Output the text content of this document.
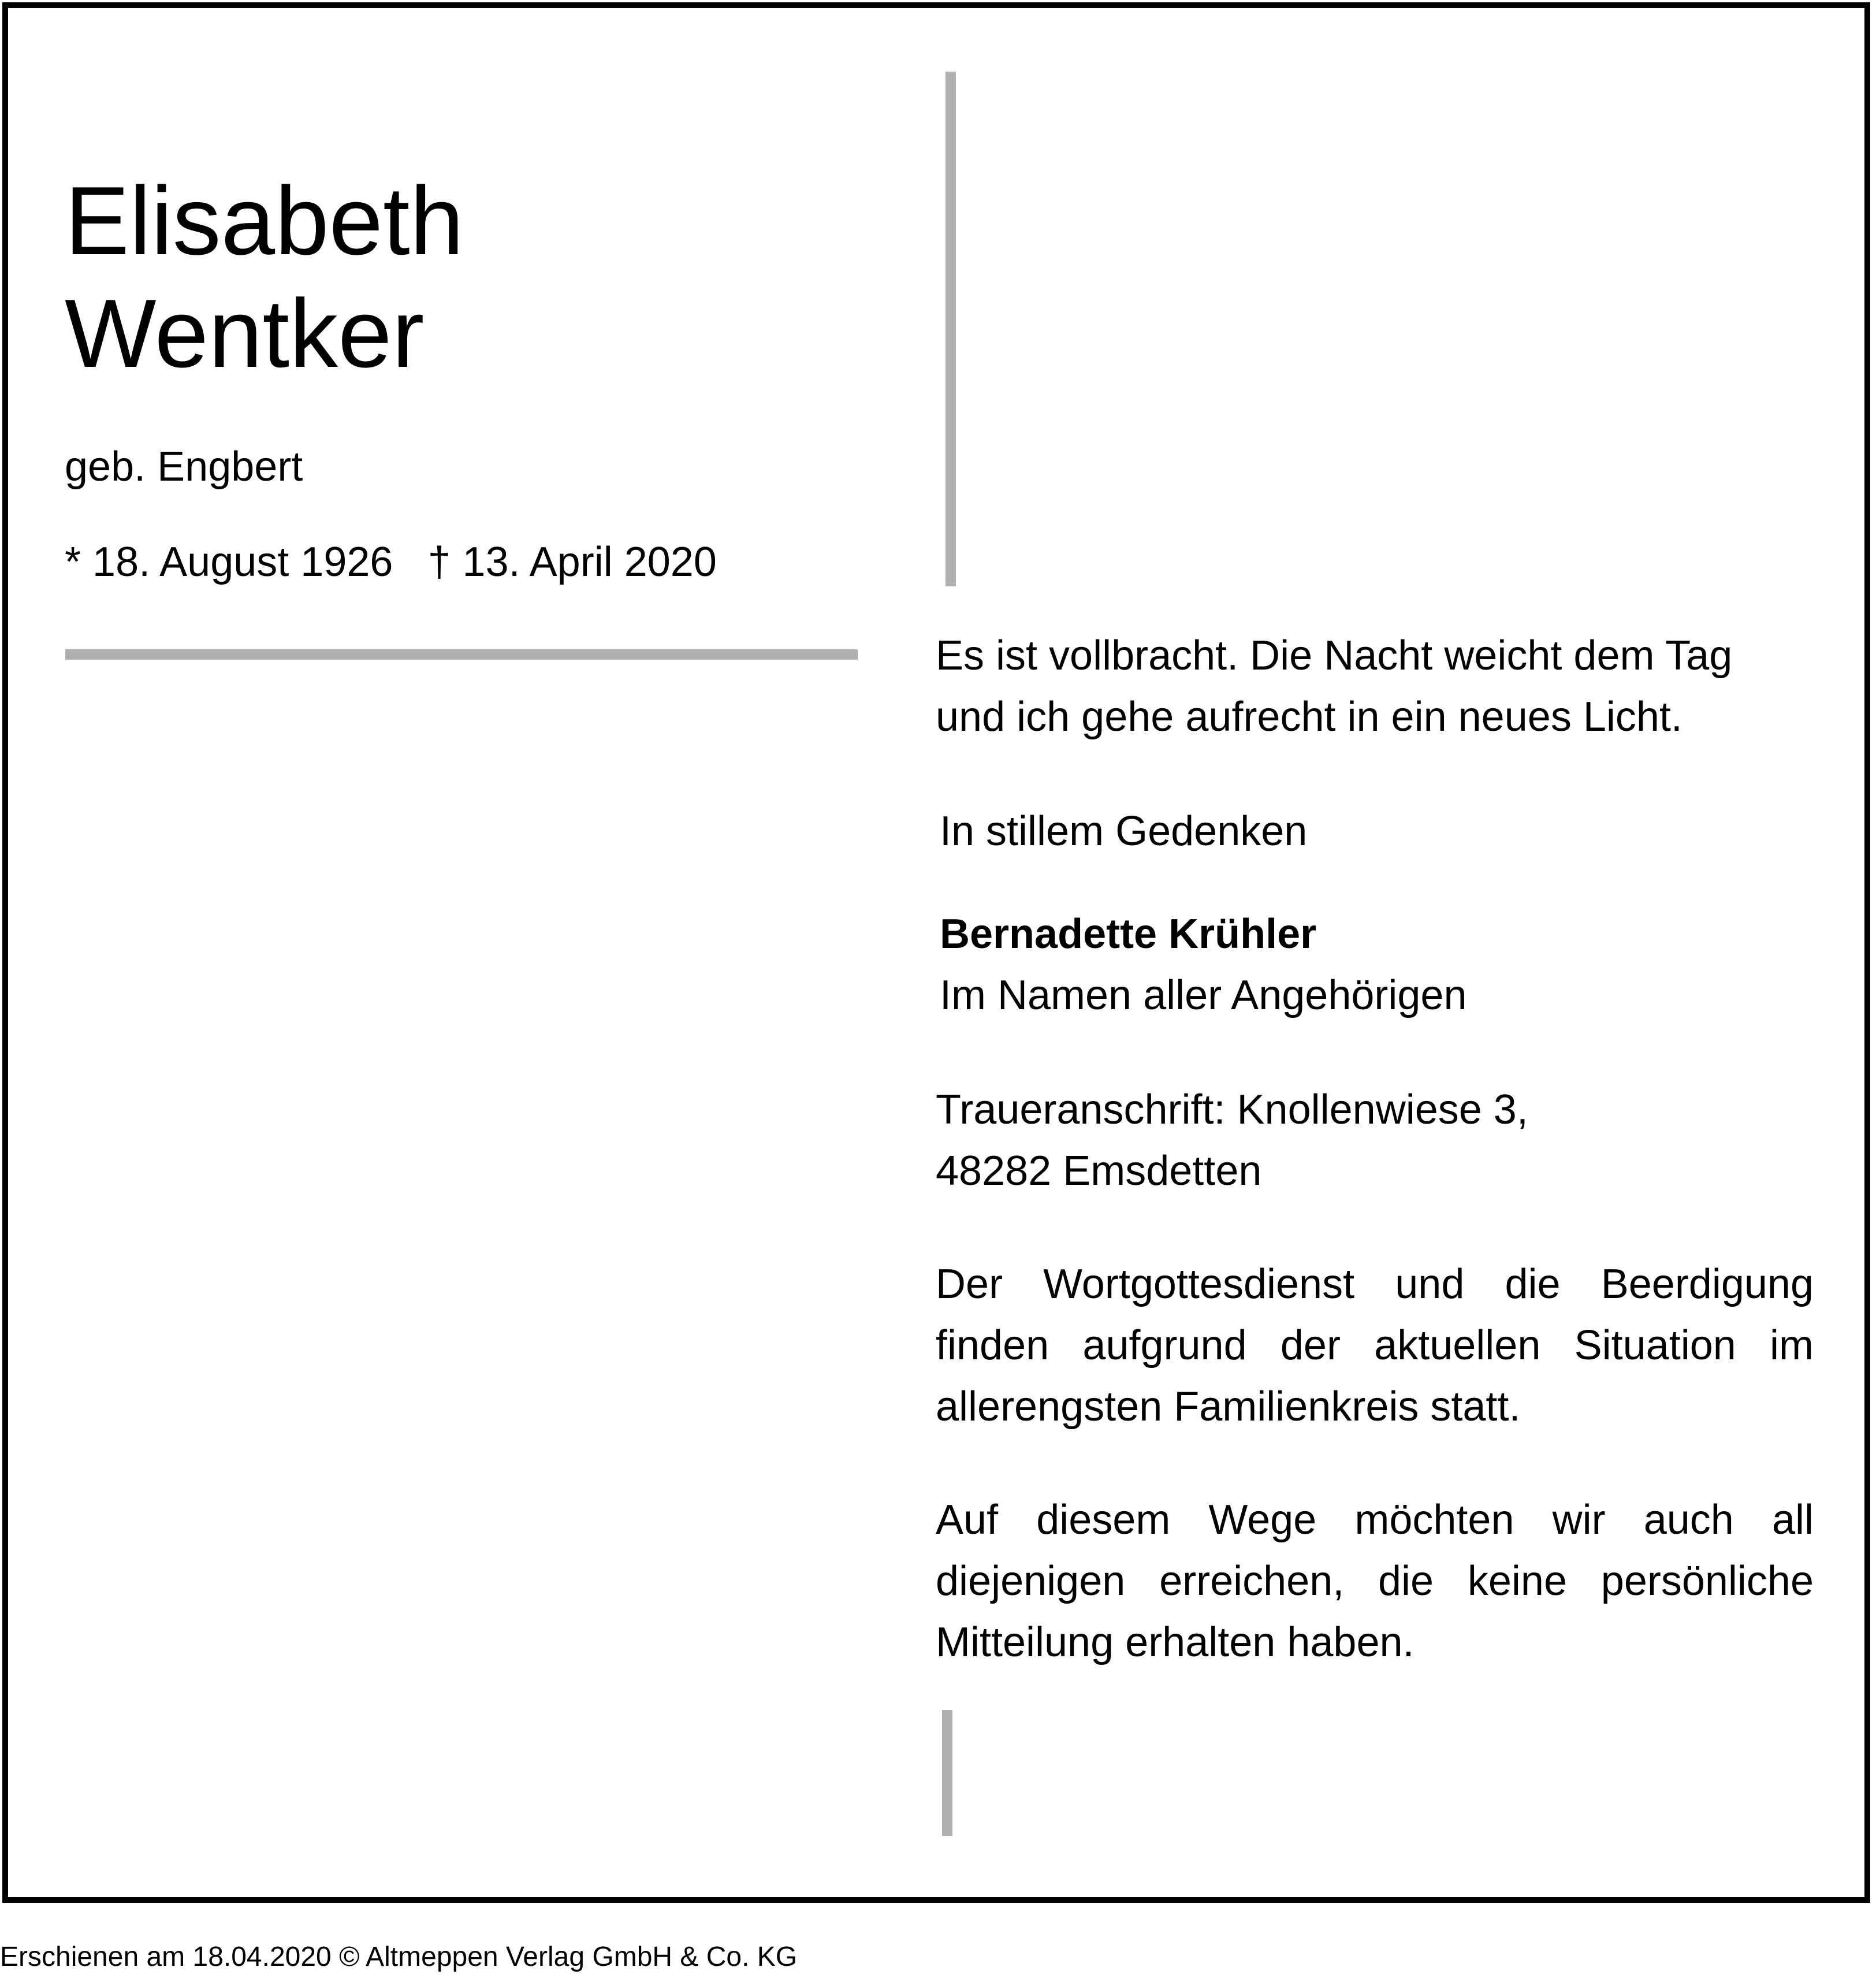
Elisabeth
Wentker
geb. Engbert
* 18. August 1926   † 13. April 2020
Es ist vollbracht. Die Nacht weicht dem Tag
und ich gehe aufrecht in ein neues Licht.
In stillem Gedenken
Bernadette Krühler
Im Namen aller Angehörigen
Traueranschrift: Knollenwiese 3,
48282 Emsdetten
Der Wortgottesdienst und die Beerdigung finden aufgrund der aktuellen Situation im allerengsten Familienkreis statt.
Auf diesem Wege möchten wir auch all diejenigen erreichen, die keine persönliche Mitteilung erhalten haben.
Erschienen am 18.04.2020 © Altmeppen Verlag GmbH & Co. KG
